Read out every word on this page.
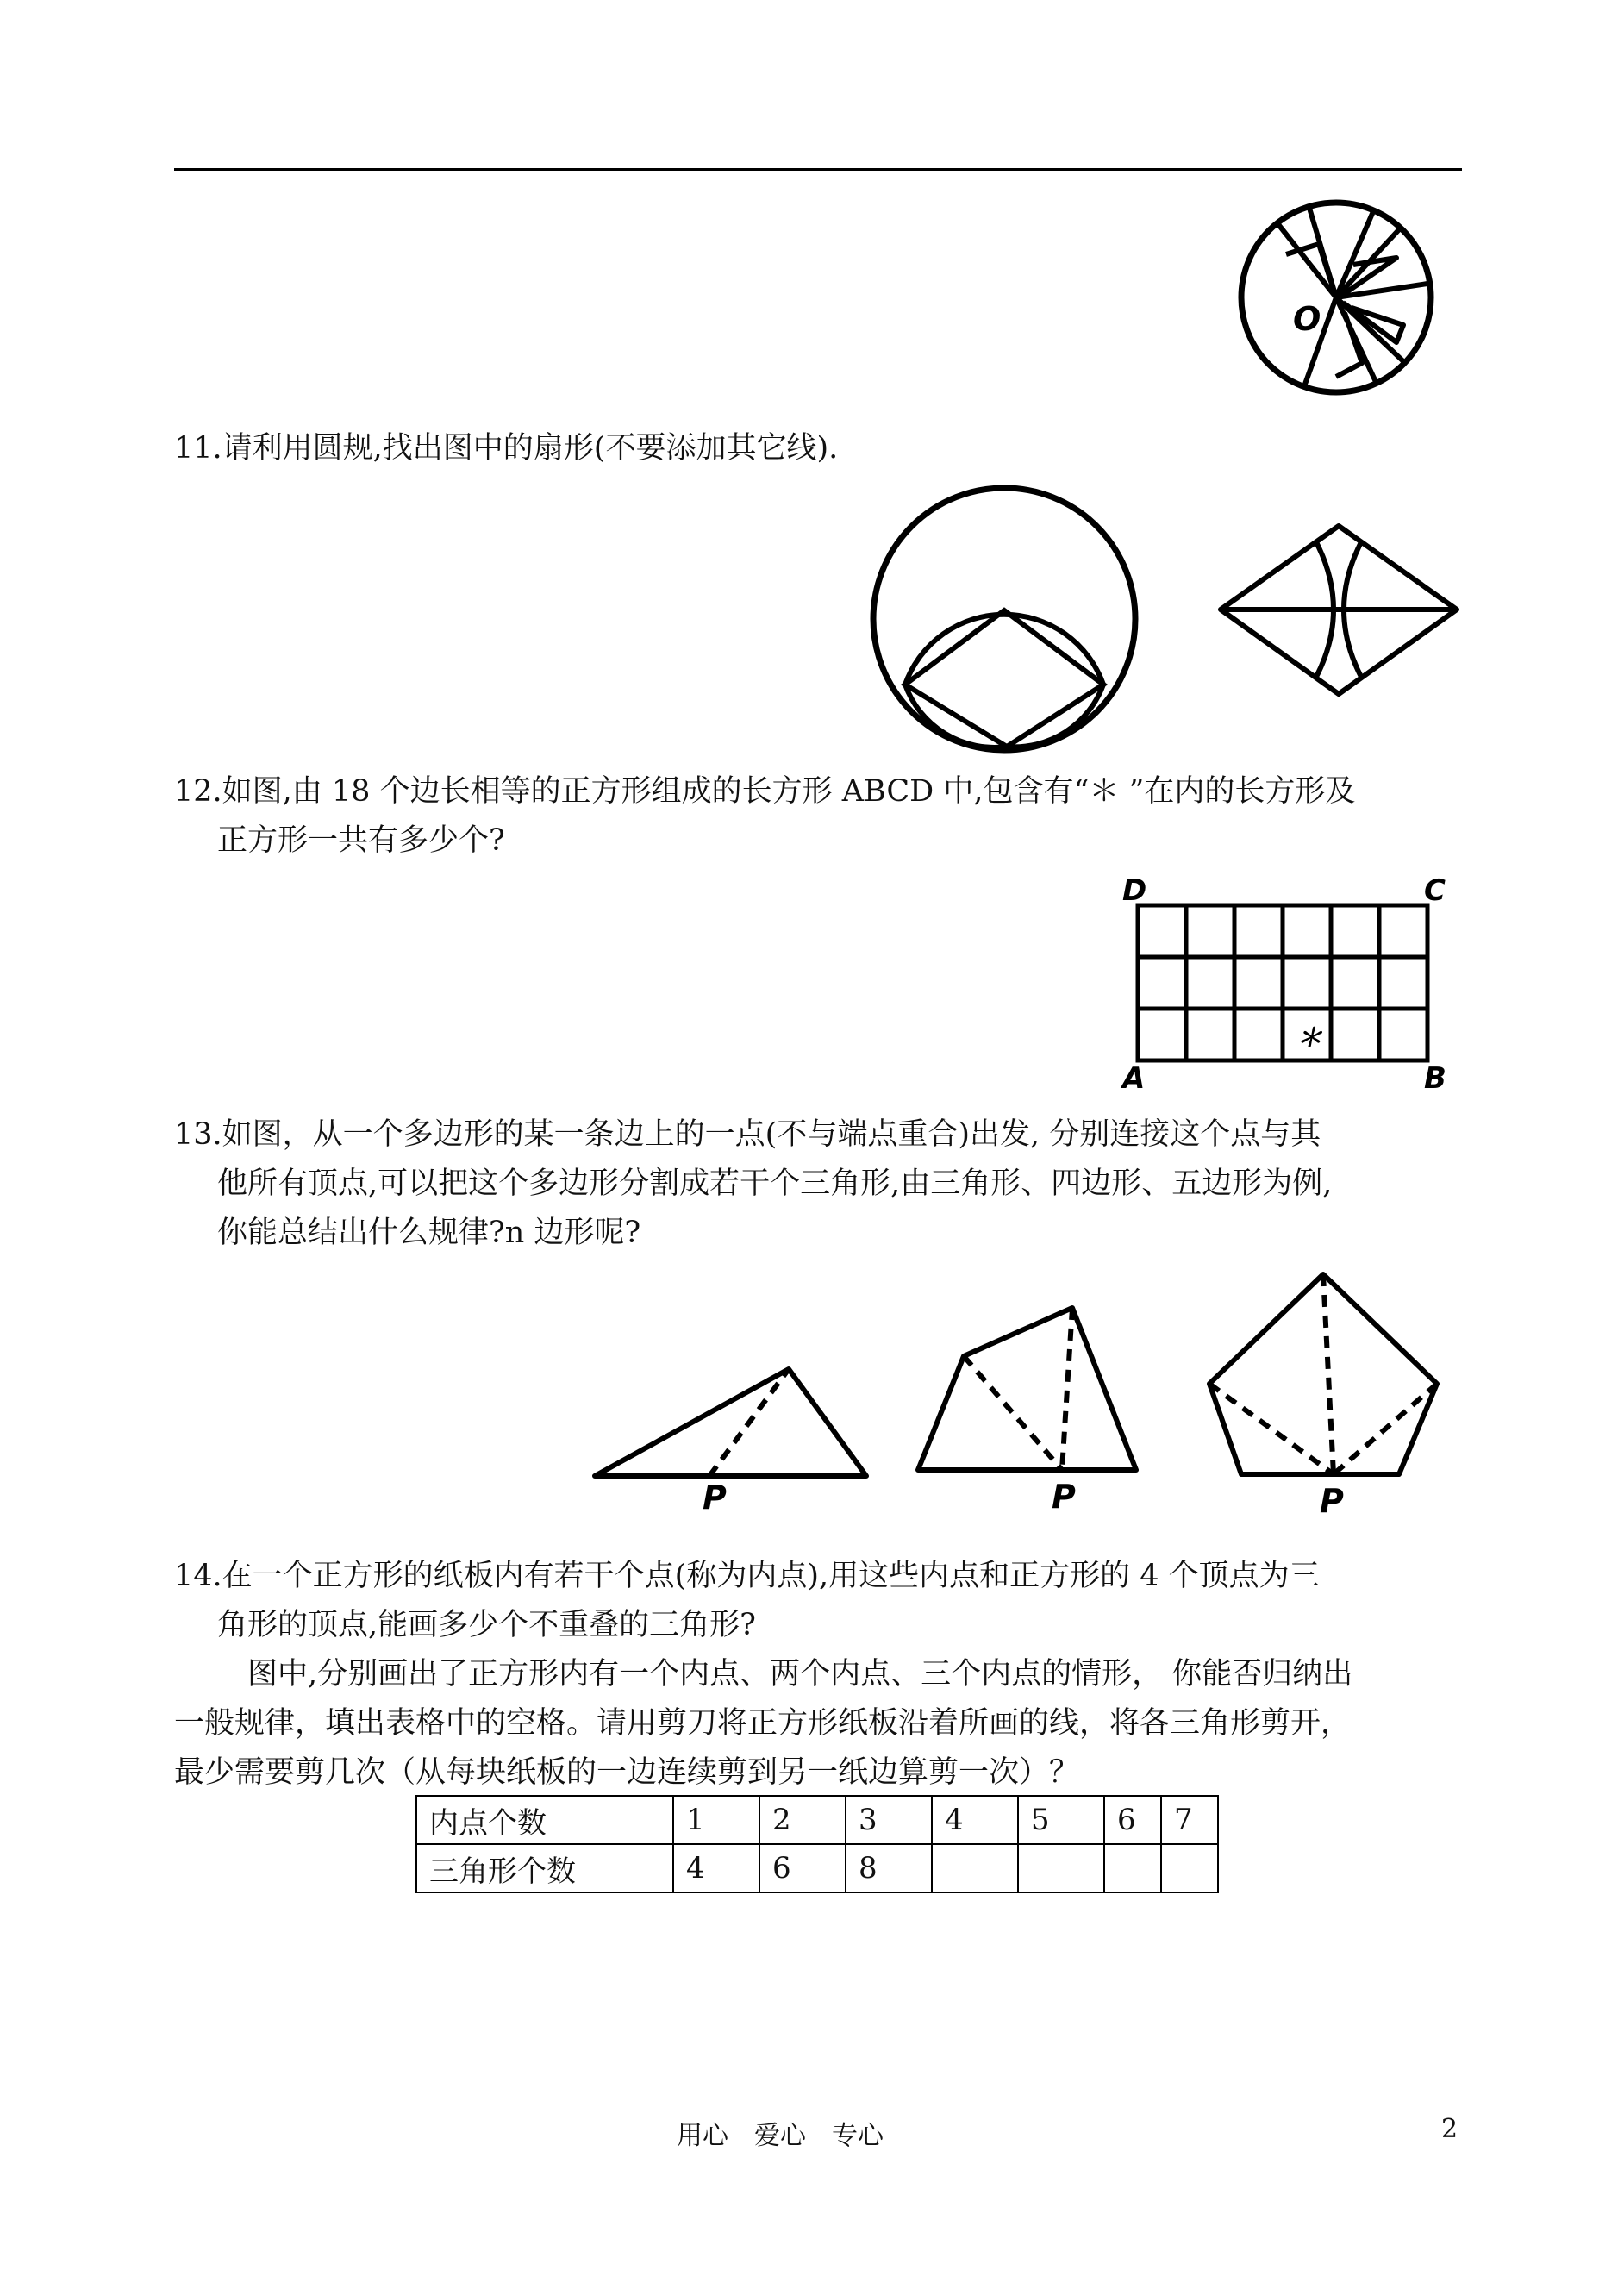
O
11.请利用圆规,找出图中的扇形(不要添加其它线).
12.如图,由 18 个边长相等的正方形组成的长方形 ABCD 中,包含有“＊ ”在内的长方形及
正方形一共有多少个?
D	C
A	B
＊
13.如图，从一个多边形的某一条边上的一点(不与端点重合)出发, 分别连接这个点与其
他所有顶点,可以把这个多边形分割成若干个三角形,由三角形、四边形、五边形为例,
你能总结出什么规律?n 边形呢?
P	P	P
14.在一个正方形的纸板内有若干个点(称为内点),用这些内点和正方形的 4 个顶点为三
角形的顶点,能画多少个不重叠的三角形?
图中,分别画出了正方形内有一个内点、两个内点、三个内点的情形， 你能否归纳出
一般规律，填出表格中的空格。请用剪刀将正方形纸板沿着所画的线，将各三角形剪开，
最少需要剪几次（从每块纸板的一边连续剪到另一纸边算剪一次）？
内点个数	1	2	3	4	5	6	7
三角形个数	4	6	8				
用心　爱心　专心	2
